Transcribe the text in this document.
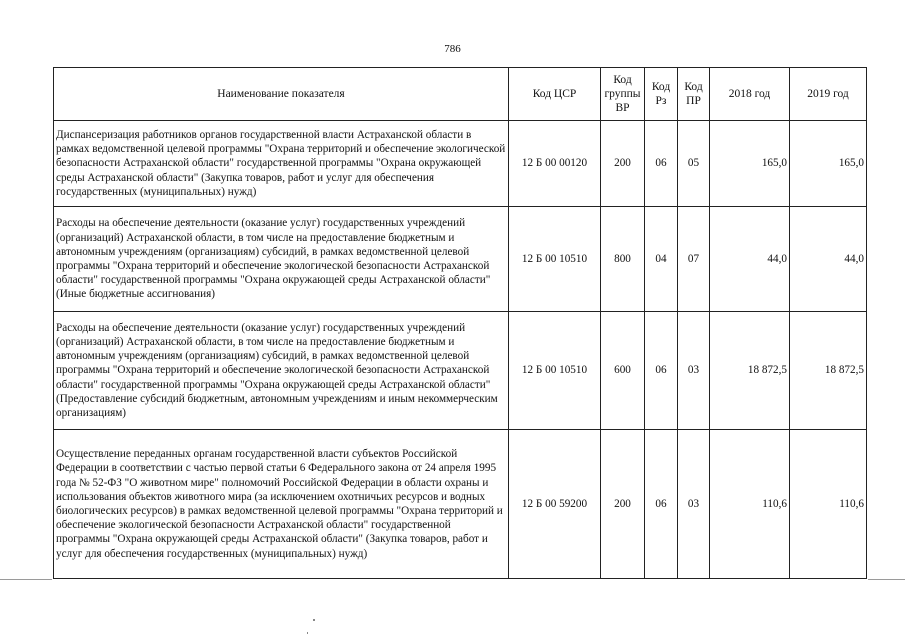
786
Наименование показателя	Код ЦСР	Код группы ВР	Код Рз	Код ПР	2018 год	2019 год
Диспансеризация работников органов государственной власти Астраханской области в рамках ведомственной целевой программы "Охрана территорий и обеспечение экологической безопасности Астраханской области" государственной программы "Охрана окружающей среды Астраханской области" (Закупка товаров, работ и услуг для обеспечения государственных (муниципальных) нужд)	12 Б 00 00120	200	06	05	165,0	165,0
Расходы на обеспечение деятельности (оказание услуг) государственных учреждений (организаций) Астраханской области, в том числе на предоставление бюджетным и автономным учреждениям (организациям) субсидий, в рамках ведомственной целевой программы "Охрана территорий и обеспечение экологической безопасности Астраханской области" государственной программы "Охрана окружающей среды Астраханской области" (Иные бюджетные ассигнования)	12 Б 00 10510	800	04	07	44,0	44,0
Расходы на обеспечение деятельности (оказание услуг) государственных учреждений (организаций) Астраханской области, в том числе на предоставление бюджетным и автономным учреждениям (организациям) субсидий, в рамках ведомственной целевой программы "Охрана территорий и обеспечение экологической безопасности Астраханской области" государственной программы "Охрана окружающей среды Астраханской области" (Предоставление субсидий бюджетным, автономным учреждениям и иным некоммерческим организациям)	12 Б 00 10510	600	06	03	18 872,5	18 872,5
Осуществление переданных органам государственной власти субъектов Российской Федерации в соответствии с частью первой статьи 6 Федерального закона от 24 апреля 1995 года № 52-ФЗ "О животном мире" полномочий Российской Федерации в области охраны и использования объектов животного мира (за исключением охотничьих ресурсов и водных биологических ресурсов) в рамках ведомственной целевой программы "Охрана территорий и обеспечение экологической безопасности Астраханской области" государственной программы "Охрана окружающей среды Астраханской области" (Закупка товаров, работ и услуг для обеспечения государственных (муниципальных) нужд)	12 Б 00 59200	200	06	03	110,6	110,6
